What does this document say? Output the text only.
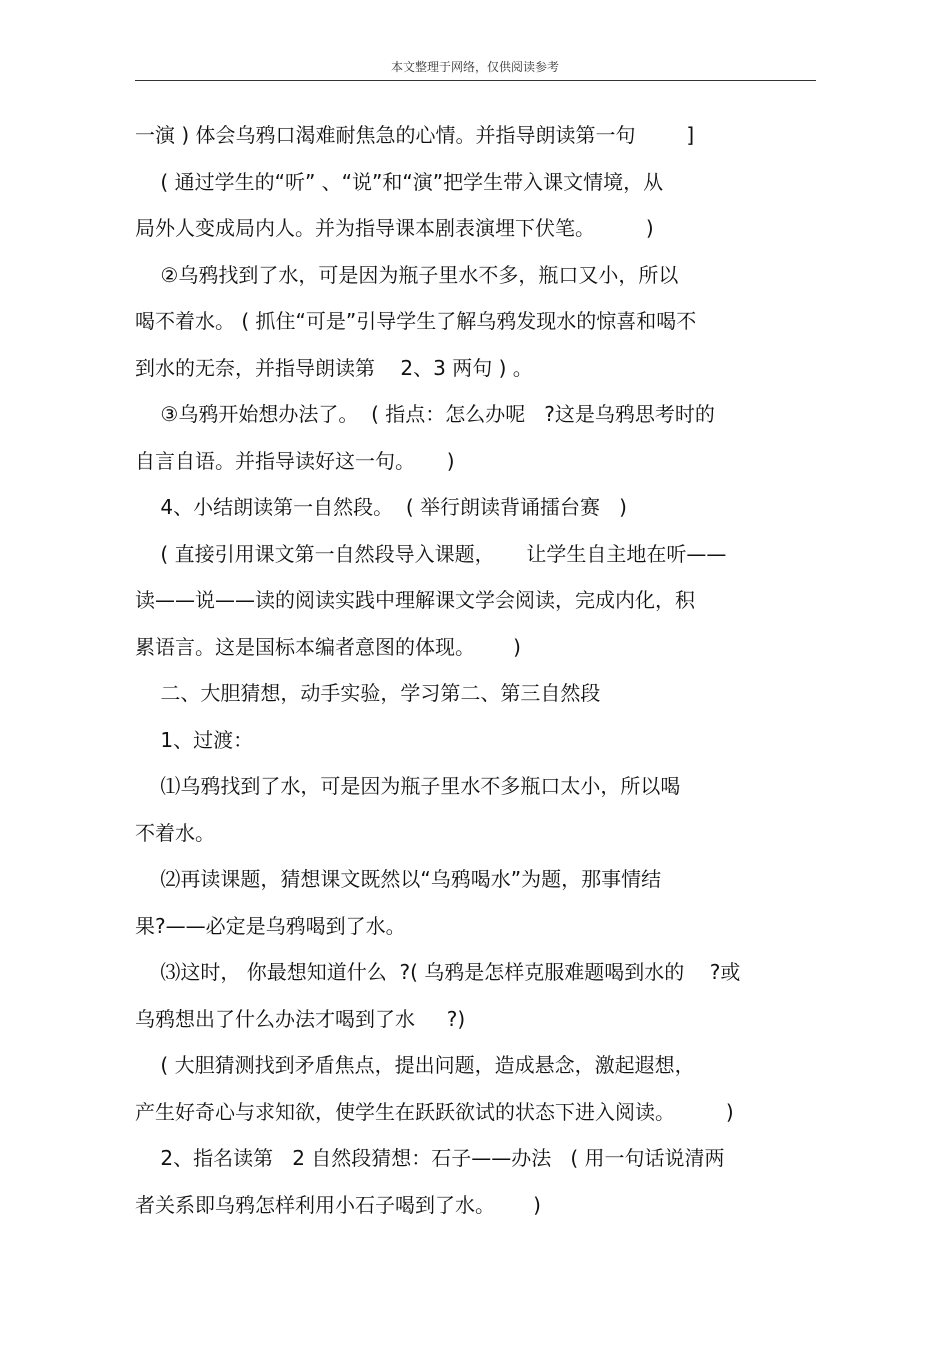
本文整理于网络，仅供阅读参考
一演 ) 体会乌鸦口渴难耐焦急的心情。并指导朗读第一句        ]
( 通过学生的“听” 、“说”和“演”把学生带入课文情境，从
局外人变成局内人。并为指导课本剧表演埋下伏笔。        )
②乌鸦找到了水，可是因为瓶子里水不多，瓶口又小，所以
喝不着水。 ( 抓住“可是”引导学生了解乌鸦发现水的惊喜和喝不
到水的无奈，并指导朗读第    2、3 两句 ) 。
③乌鸦开始想办法了。  ( 指点：怎么办呢   ?这是乌鸦思考时的
自言自语。并指导读好这一句。     )
4、小结朗读第一自然段。  ( 举行朗读背诵擂台赛   )
( 直接引用课文第一自然段导入课题，     让学生自主地在听——
读——说——读的阅读实践中理解课文学会阅读，完成内化，积
累语言。这是国标本编者意图的体现。      )
二、大胆猜想，动手实验，学习第二、第三自然段
1、过渡：
⑴乌鸦找到了水，可是因为瓶子里水不多瓶口太小，所以喝
不着水。
⑵再读课题，猜想课文既然以“乌鸦喝水”为题，那事情结
果?——必定是乌鸦喝到了水。
⑶这时， 你最想知道什么  ?( 乌鸦是怎样克服难题喝到水的    ?或
乌鸦想出了什么办法才喝到了水     ?)
( 大胆猜测找到矛盾焦点，提出问题，造成悬念，激起遐想，
产生好奇心与求知欲，使学生在跃跃欲试的状态下进入阅读。        )
2、指名读第   2 自然段猜想：石子——办法   ( 用一句话说清两
者关系即乌鸦怎样利用小石子喝到了水。      )
